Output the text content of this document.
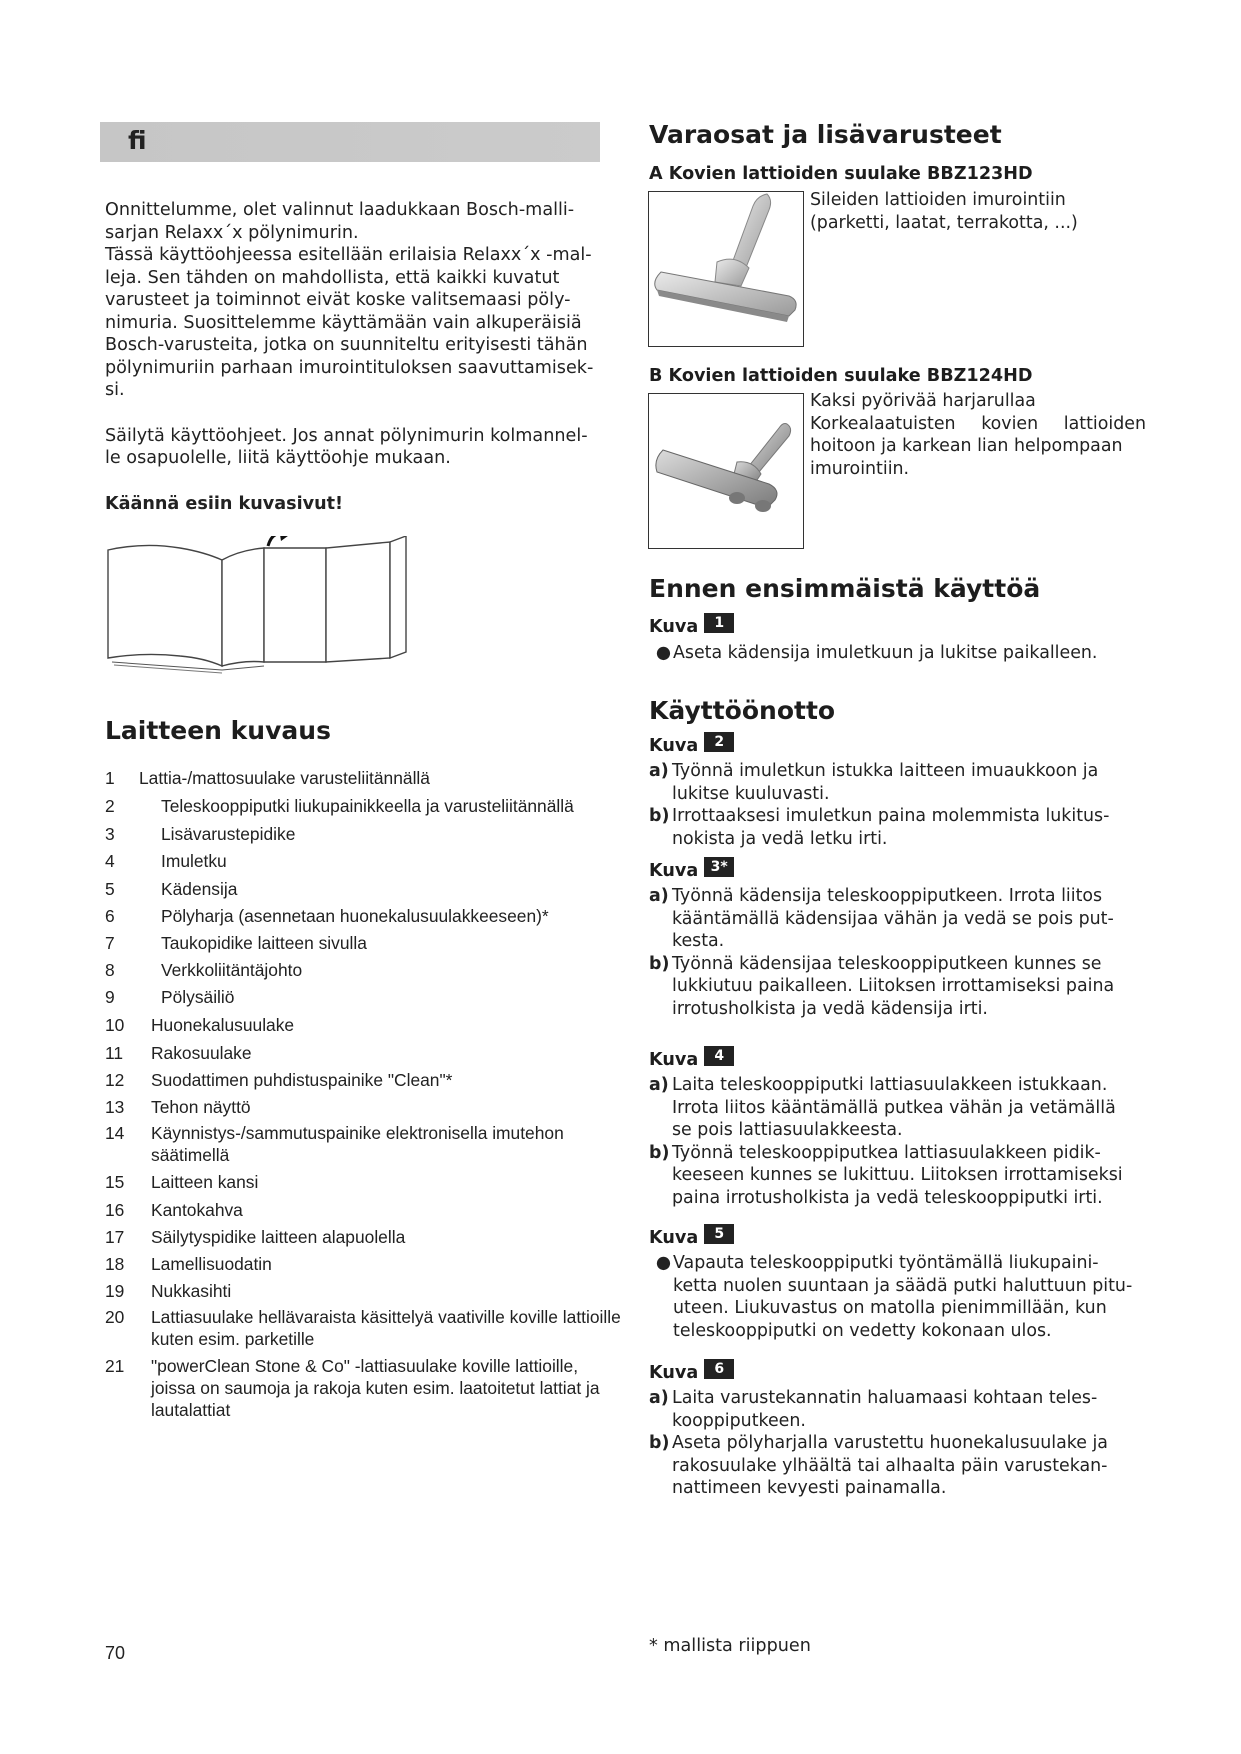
fi
Onnittelumme, olet valinnut laadukkaan Bosch-malli-
sarjan Relaxx´x pölynimurin.
Tässä käyttöohjeessa esitellään erilaisia Relaxx´x -mal-
leja. Sen tähden on mahdollista, että kaikki kuvatut
varusteet ja toiminnot eivät koske valitsemaasi pöly-
nimuria. Suosittelemme käyttämään vain alkuperäisiä
Bosch-varusteita, jotka on suunniteltu erityisesti tähän
pölynimuriin parhaan imurointituloksen saavuttamisek-
si.
Säilytä käyttöohjeet. Jos annat pölynimurin kolmannel-
le osapuolelle, liitä käyttöohje mukaan.

Käännä esiin kuvasivut!

Laitteen kuvaus
1	Lattia-/mattosuulake varusteliitännällä
2	Teleskooppiputki liukupainikkeella ja varusteliitännällä
3	Lisävarustepidike
4	Imuletku
5	Kädensija
6	Pölyharja (asennetaan huonekalusuulakkeeseen)*
7	Taukopidike laitteen sivulla
8	Verkkoliitäntäjohto
9	Pölysäiliö
10	Huonekalusuulake
11	Rakosuulake
12	Suodattimen puhdistuspainike "Clean"*
13	Tehon näyttö
14	Käynnistys-/sammutuspainike elektronisella imutehon säätimellä
15	Laitteen kansi
16	Kantokahva
17	Säilytyspidike laitteen alapuolella
18	Lamellisuodatin
19	Nukkasihti
20	Lattiasuulake hellävaraista käsittelyä vaativille koville lattioille kuten esim. parketille
21	"powerClean Stone & Co" -lattiasuulake koville lattioille, joissa on saumoja ja rakoja kuten esim. laatoitetut lattiat ja lautalattiat
70
Varaosat ja lisävarusteet
A Kovien lattioiden suulake BBZ123HD
Sileiden lattioiden imurointiin
(parketti, laatat, terrakotta, ...)
B Kovien lattioiden suulake BBZ124HD
Kaksi pyörivää harjarullaa
Korkealaatuisten kovien lattioiden
hoitoon ja karkean lian helpompaan
imurointiin.
Ennen ensimmäistä käyttöä
Kuva	1
● Aseta kädensija imuletkuun ja lukitse paikalleen.
Käyttöönotto
Kuva	2
a) Työnnä imuletkun istukka laitteen imuaukkoon ja
lukitse kuuluvasti.
b) Irrottaaksesi imuletkun paina molemmista lukitus-
nokista ja vedä letku irti.
Kuva 3*
a) Työnnä kädensija teleskooppiputkeen. Irrota liitos
kääntämällä kädensijaa vähän ja vedä se pois put-
kesta.
b) Työnnä kädensijaa teleskooppiputkeen kunnes se
lukkiutuu paikalleen. Liitoksen irrottamiseksi paina
irrotusholkista ja vedä kädensija irti.
Kuva	4
a) Laita teleskooppiputki lattiasuulakkeen istukkaan.
Irrota liitos kääntämällä putkea vähän ja vetämällä
se pois lattiasuulakkeesta.
b) Työnnä teleskooppiputkea lattiasuulakkeen pidik-
keeseen kunnes se lukittuu. Liitoksen irrottamiseksi
paina irrotusholkista ja vedä teleskooppiputki irti.
Kuva	5
● Vapauta teleskooppiputki työntämällä liukupaini-
ketta nuolen suuntaan ja säädä putki haluttuun pitu-
uteen. Liukuvastus on matolla pienimmillään, kun
teleskooppiputki on vedetty kokonaan ulos.
Kuva	6
a) Laita varustekannatin haluamaasi kohtaan teles-
kooppiputkeen.
b) Aseta pölyharjalla varustettu huonekalusuulake ja
rakosuulake ylhäältä tai alhaalta päin varustekan-
nattimeen kevyesti painamalla.
* mallista riippuen
